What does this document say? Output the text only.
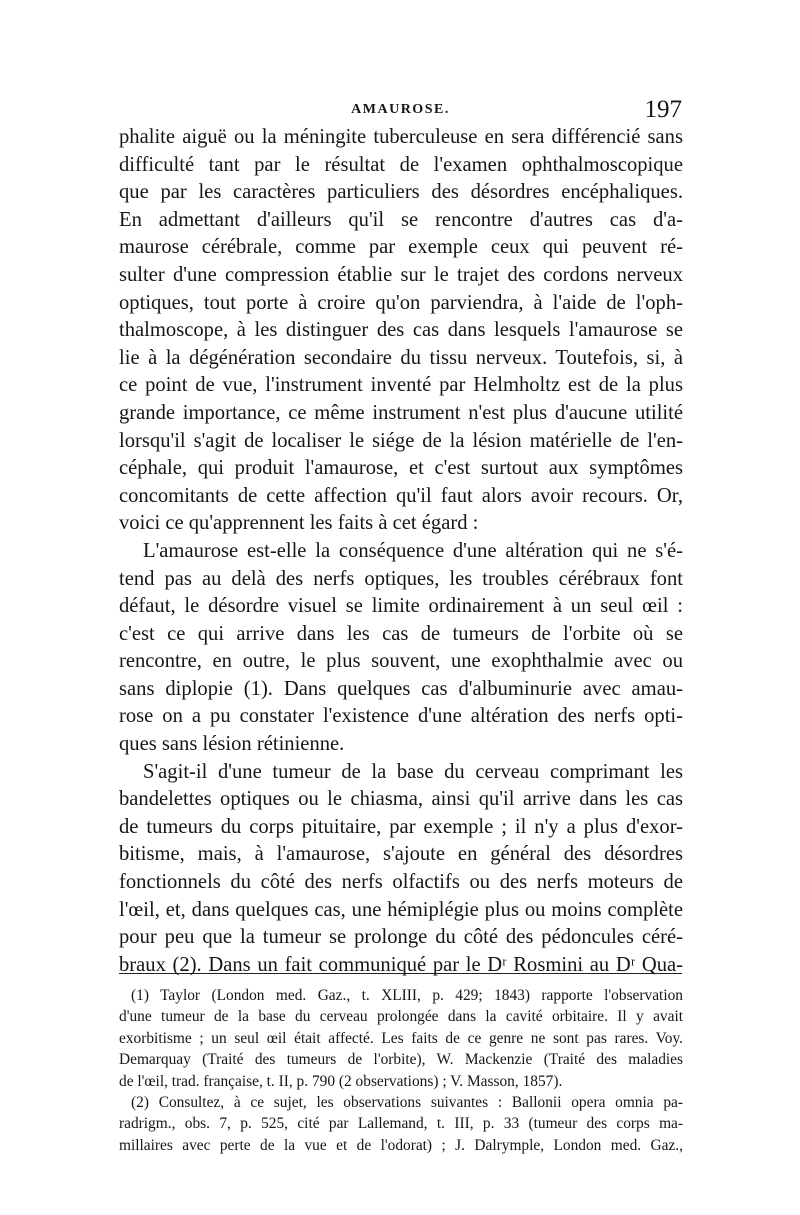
AMAUROSE.	197
phalite aiguë ou la méningite tuberculeuse en sera différencié sans
difficulté tant par le résultat de l'examen ophthalmoscopique
que par les caractères particuliers des désordres encéphaliques.
En admettant d'ailleurs qu'il se rencontre d'autres cas d'a-
maurose cérébrale, comme par exemple ceux qui peuvent ré-
sulter d'une compression établie sur le trajet des cordons nerveux
optiques, tout porte à croire qu'on parviendra, à l'aide de l'oph-
thalmoscope, à les distinguer des cas dans lesquels l'amaurose se
lie à la dégénération secondaire du tissu nerveux. Toutefois, si, à
ce point de vue, l'instrument inventé par Helmholtz est de la plus
grande importance, ce même instrument n'est plus d'aucune utilité
lorsqu'il s'agit de localiser le siége de la lésion matérielle de l'en-
céphale, qui produit l'amaurose, et c'est surtout aux symptômes
concomitants de cette affection qu'il faut alors avoir recours. Or,
voici ce qu'apprennent les faits à cet égard :
L'amaurose est-elle la conséquence d'une altération qui ne s'é-
tend pas au delà des nerfs optiques, les troubles cérébraux font
défaut, le désordre visuel se limite ordinairement à un seul œil :
c'est ce qui arrive dans les cas de tumeurs de l'orbite où se
rencontre, en outre, le plus souvent, une exophthalmie avec ou
sans diplopie (1). Dans quelques cas d'albuminurie avec amau-
rose on a pu constater l'existence d'une altération des nerfs opti-
ques sans lésion rétinienne.
S'agit-il d'une tumeur de la base du cerveau comprimant les
bandelettes optiques ou le chiasma, ainsi qu'il arrive dans les cas
de tumeurs du corps pituitaire, par exemple ; il n'y a plus d'exor-
bitisme, mais, à l'amaurose, s'ajoute en général des désordres
fonctionnels du côté des nerfs olfactifs ou des nerfs moteurs de
l'œil, et, dans quelques cas, une hémiplégie plus ou moins complète
pour peu que la tumeur se prolonge du côté des pédoncules céré-
braux (2). Dans un fait communiqué par le Dʳ Rosmini au Dʳ Qua-
(1) Taylor (London med. Gaz., t. XLIII, p. 429; 1843) rapporte l'observation
d'une tumeur de la base du cerveau prolongée dans la cavité orbitaire. Il y avait
exorbitisme ; un seul œil était affecté. Les faits de ce genre ne sont pas rares. Voy.
Demarquay (Traité des tumeurs de l'orbite), W. Mackenzie (Traité des maladies
de l'œil, trad. française, t. II, p. 790 (2 observations) ; V. Masson, 1857).
(2) Consultez, à ce sujet, les observations suivantes : Ballonii opera omnia pa-
radrigm., obs. 7, p. 525, cité par Lallemand, t. III, p. 33 (tumeur des corps ma-
millaires avec perte de la vue et de l'odorat) ; J. Dalrymple, London med. Gaz.,
